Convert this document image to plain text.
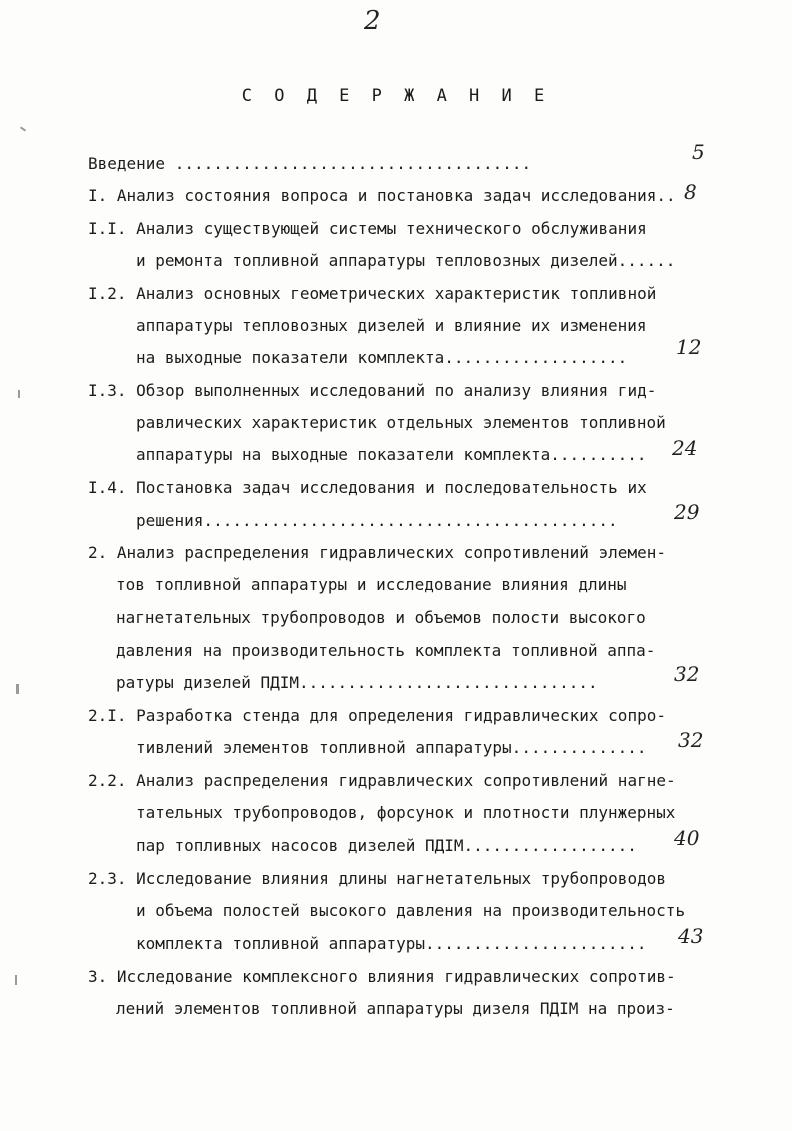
2
С О Д Е Р Ж А Н И Е
Введение .....................................
I. Анализ состояния вопроса и постановка задач исследования..
I.I. Анализ существующей системы технического обслуживания
и ремонта топливной аппаратуры тепловозных дизелей......
I.2. Анализ основных геометрических характеристик топливной
аппаратуры тепловозных дизелей и влияние их изменения
на выходные показатели комплекта...................
I.3. Обзор выполненных исследований по анализу влияния гид-
равлических характеристик отдельных элементов топливной
аппаратуры на выходные показатели комплекта..........
I.4. Постановка задач исследования и последовательность их
решения...........................................
2. Анализ распределения гидравлических сопротивлений элемен-
тов топливной аппаратуры и исследование влияния длины
нагнетательных трубопроводов и объемов полости высокого
давления на производительность комплекта топливной аппа-
ратуры дизелей ПДIМ...............................
2.I. Разработка стенда для определения гидравлических сопро-
тивлений элементов топливной аппаратуры..............
2.2. Анализ распределения гидравлических сопротивлений нагне-
тательных трубопроводов, форсунок и плотности плунжерных
пар топливных насосов дизелей ПДIМ..................
2.3. Исследование влияния длины нагнетательных трубопроводов
и объема полостей высокого давления на производительность
комплекта топливной аппаратуры.......................
3. Исследование комплексного влияния гидравлических сопротив-
лений элементов топливной аппаратуры дизеля ПДIМ на произ-
5
8
12
24
29
32
32
40
43
